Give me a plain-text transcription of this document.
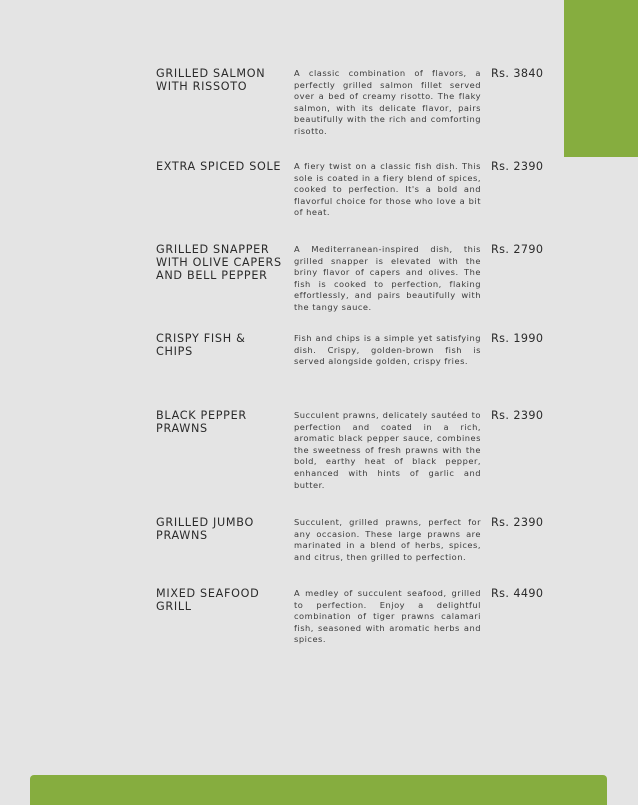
GRILLED SALMON WITH RISSOTO
A classic combination of flavors, a perfectly grilled salmon fillet served over a bed of creamy risotto. The flaky salmon, with its delicate flavor, pairs beautifully with the rich and comforting risotto.
Rs. 3840
EXTRA SPICED SOLE	A fiery twist on a classic fish dish. This sole is coated in a fiery blend of spices, cooked to perfection. It's a bold and flavorful choice for those who love a bit of heat.
Rs. 2390
GRILLED SNAPPER WITH OLIVE CAPERS AND BELL PEPPER
A Mediterranean-inspired dish, this grilled snapper is elevated with the briny flavor of capers and olives. The fish is cooked to perfection, flaking effortlessly, and pairs beautifully with the tangy sauce.
Rs. 2790
CRISPY FISH & CHIPS
Fish and chips is a simple yet satisfying dish. Crispy, golden-brown fish is served alongside golden, crispy fries.
Rs. 1990
BLACK PEPPER PRAWNS
Succulent prawns, delicately sautéed to perfection and coated in a rich, aromatic black pepper sauce, combines the sweetness of fresh prawns with the bold, earthy heat of black pepper, enhanced with hints of garlic and butter.
Rs. 2390
GRILLED JUMBO PRAWNS
Succulent, grilled prawns, perfect for any occasion. These large prawns are marinated in a blend of herbs, spices, and citrus, then grilled to perfection.
Rs. 2390
MIXED SEAFOOD GRILL
A medley of succulent seafood, grilled to perfection. Enjoy a delightful combination of tiger prawns calamari fish, seasoned with aromatic herbs and spices.
Rs. 4490
